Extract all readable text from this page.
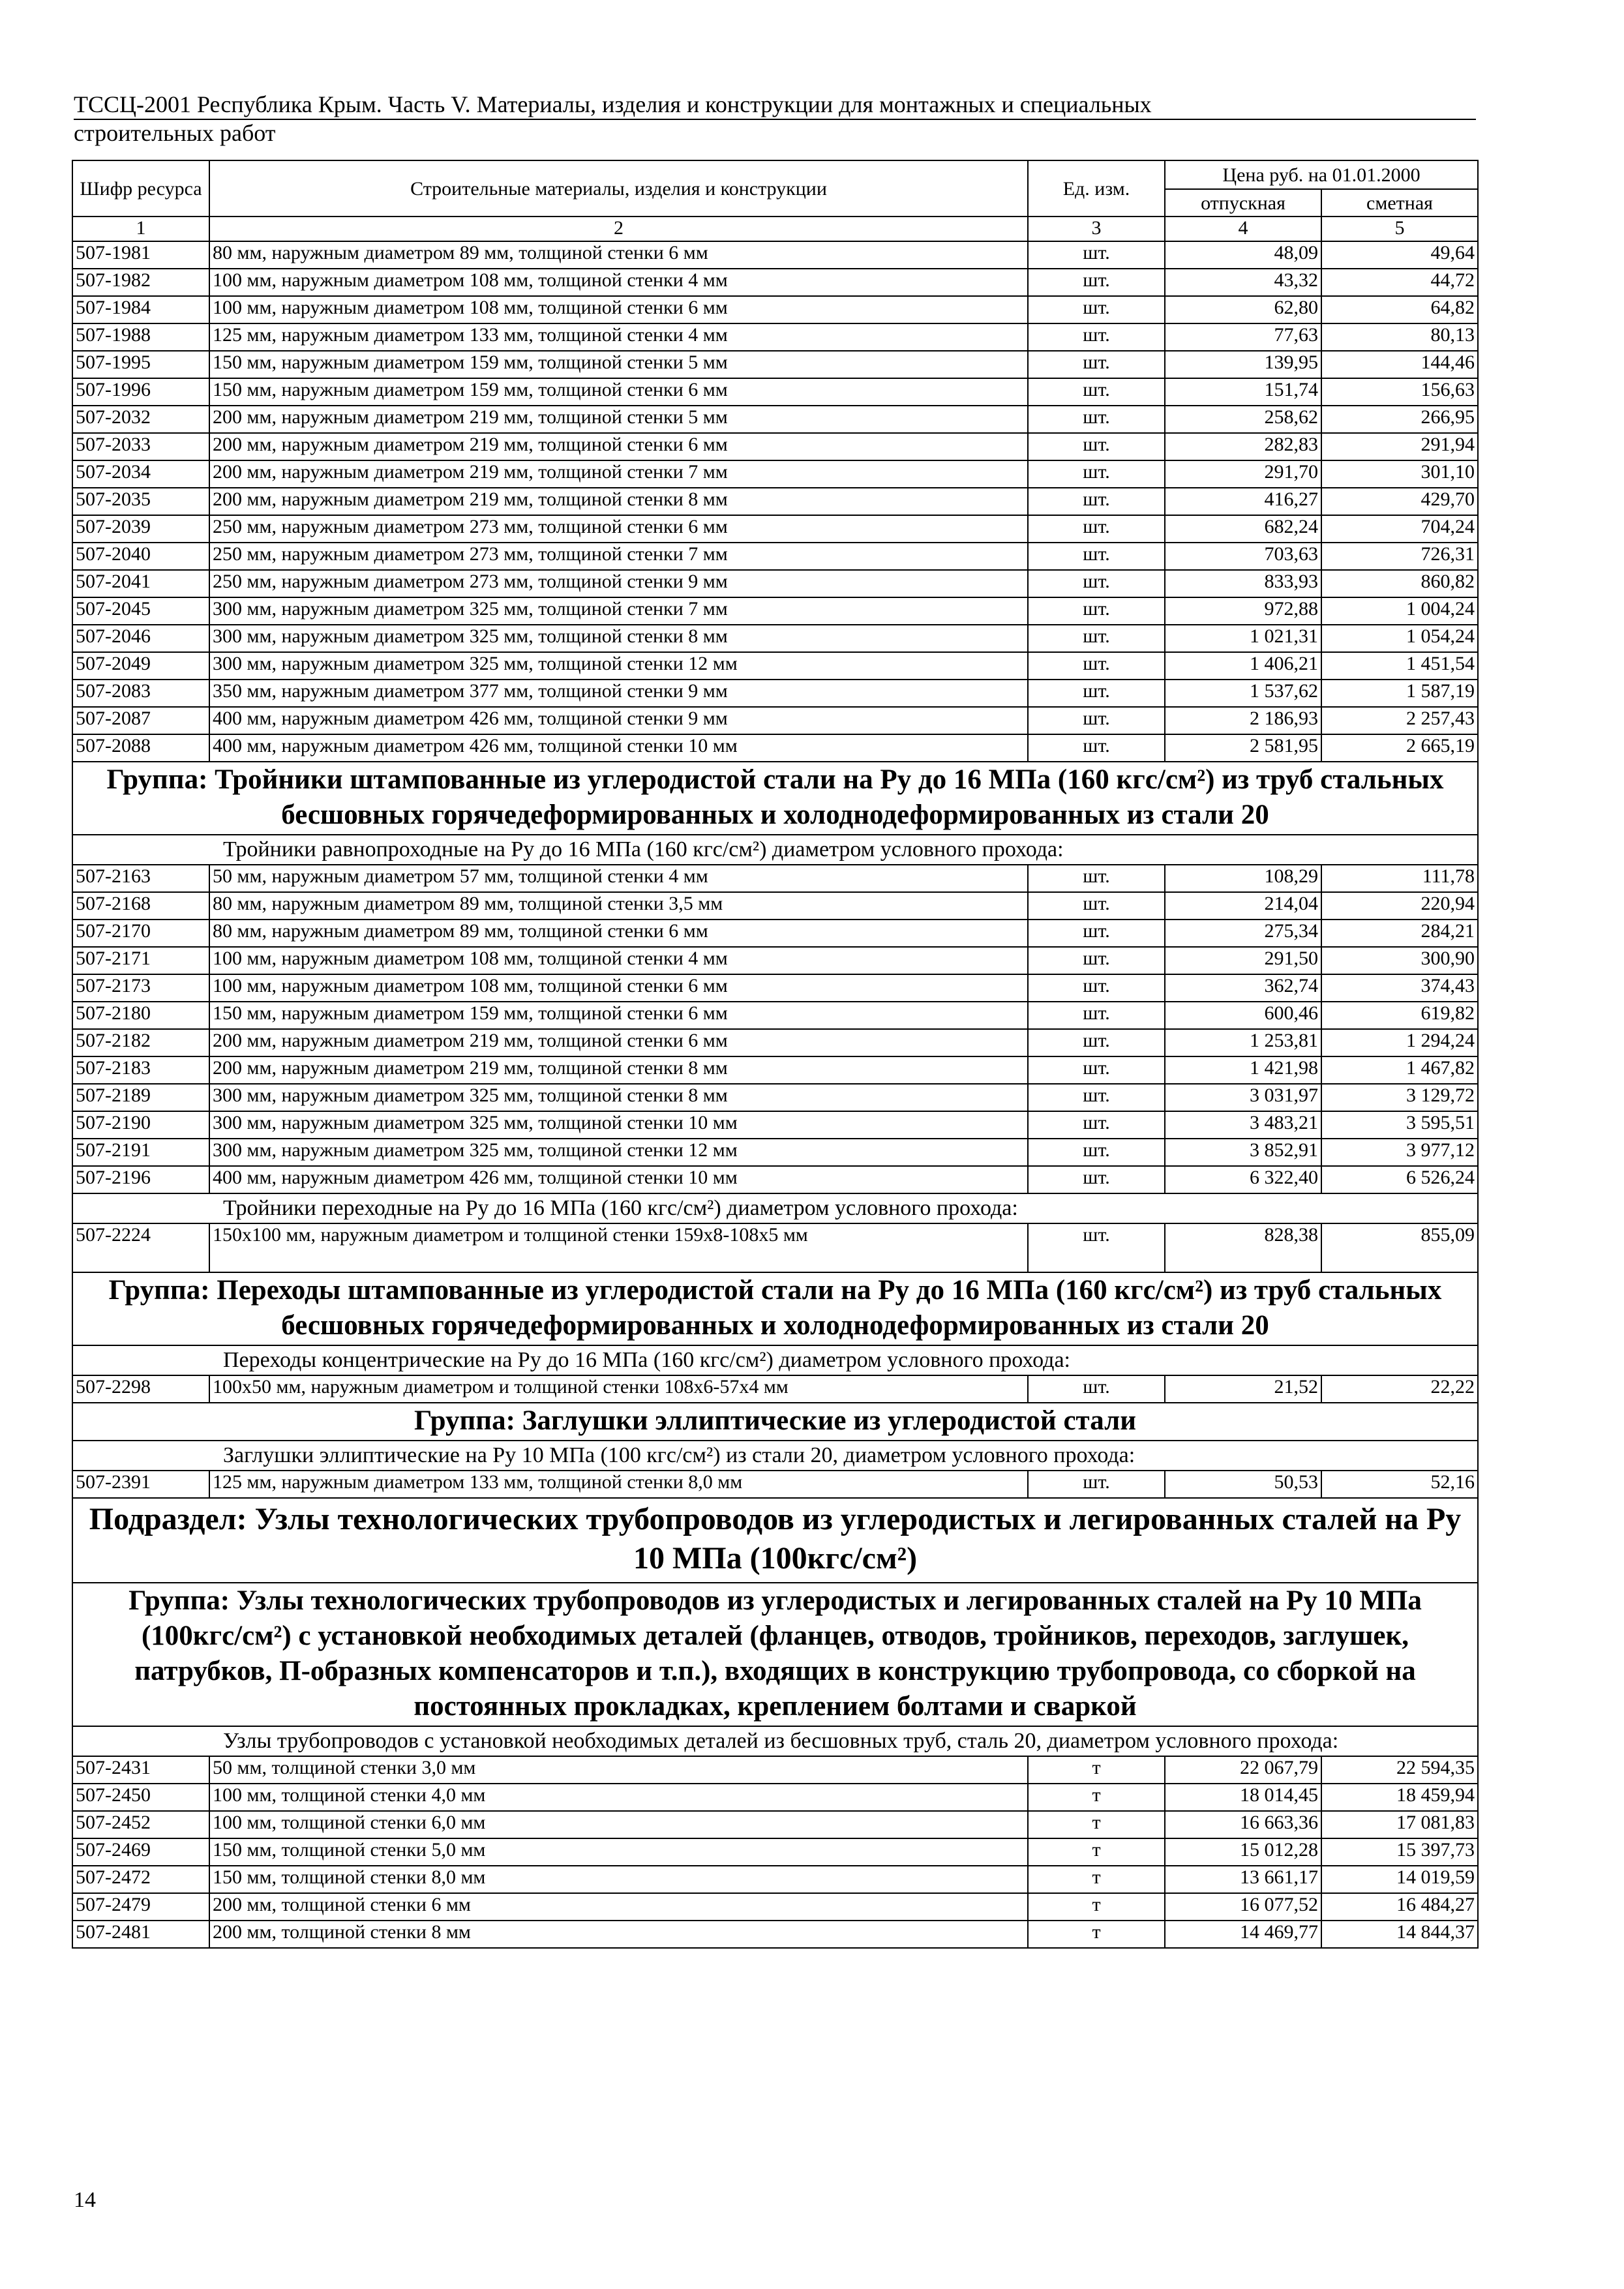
ТССЦ-2001 Республика Крым. Часть V. Материалы, изделия и конструкции для монтажных и специальных
строительных работ
Шифр ресурса	Строительные материалы, изделия и конструкции	Ед. изм.	Цена руб. на 01.01.2000	
			отпускная	сметная
1	2	3	4	5
507-1981	80 мм, наружным диаметром 89 мм, толщиной стенки 6 мм	шт.	48,09	49,64
507-1982	100 мм, наружным диаметром 108 мм, толщиной стенки 4 мм	шт.	43,32	44,72
507-1984	100 мм, наружным диаметром 108 мм, толщиной стенки 6 мм	шт.	62,80	64,82
507-1988	125 мм, наружным диаметром 133 мм, толщиной стенки 4 мм	шт.	77,63	80,13
507-1995	150 мм, наружным диаметром 159 мм, толщиной стенки 5 мм	шт.	139,95	144,46
507-1996	150 мм, наружным диаметром 159 мм, толщиной стенки 6 мм	шт.	151,74	156,63
507-2032	200 мм, наружным диаметром 219 мм, толщиной стенки 5 мм	шт.	258,62	266,95
507-2033	200 мм, наружным диаметром 219 мм, толщиной стенки 6 мм	шт.	282,83	291,94
507-2034	200 мм, наружным диаметром 219 мм, толщиной стенки 7 мм	шт.	291,70	301,10
507-2035	200 мм, наружным диаметром 219 мм, толщиной стенки 8 мм	шт.	416,27	429,70
507-2039	250 мм, наружным диаметром 273 мм, толщиной стенки 6 мм	шт.	682,24	704,24
507-2040	250 мм, наружным диаметром 273 мм, толщиной стенки 7 мм	шт.	703,63	726,31
507-2041	250 мм, наружным диаметром 273 мм, толщиной стенки 9 мм	шт.	833,93	860,82
507-2045	300 мм, наружным диаметром 325 мм, толщиной стенки 7 мм	шт.	972,88	1 004,24
507-2046	300 мм, наружным диаметром 325 мм, толщиной стенки 8 мм	шт.	1 021,31	1 054,24
507-2049	300 мм, наружным диаметром 325 мм, толщиной стенки 12 мм	шт.	1 406,21	1 451,54
507-2083	350 мм, наружным диаметром 377 мм, толщиной стенки 9 мм	шт.	1 537,62	1 587,19
507-2087	400 мм, наружным диаметром 426 мм, толщиной стенки 9 мм	шт.	2 186,93	2 257,43
507-2088	400 мм, наружным диаметром 426 мм, толщиной стенки 10 мм	шт.	2 581,95	2 665,19
Группа: Тройники штампованные из углеродистой стали на Ру до 16 МПа (160 кгс/см²) из труб стальных бесшовных горячедеформированных и холоднодеформированных из стали 20				
Тройники равнопроходные на Ру до 16 МПа (160 кгс/см²) диаметром условного прохода:				
507-2163	50 мм, наружным диаметром 57 мм, толщиной стенки 4 мм	шт.	108,29	111,78
507-2168	80 мм, наружным диаметром 89 мм, толщиной стенки 3,5 мм	шт.	214,04	220,94
507-2170	80 мм, наружным диаметром 89 мм, толщиной стенки 6 мм	шт.	275,34	284,21
507-2171	100 мм, наружным диаметром 108 мм, толщиной стенки 4 мм	шт.	291,50	300,90
507-2173	100 мм, наружным диаметром 108 мм, толщиной стенки 6 мм	шт.	362,74	374,43
507-2180	150 мм, наружным диаметром 159 мм, толщиной стенки 6 мм	шт.	600,46	619,82
507-2182	200 мм, наружным диаметром 219 мм, толщиной стенки 6 мм	шт.	1 253,81	1 294,24
507-2183	200 мм, наружным диаметром 219 мм, толщиной стенки 8 мм	шт.	1 421,98	1 467,82
507-2189	300 мм, наружным диаметром 325 мм, толщиной стенки 8 мм	шт.	3 031,97	3 129,72
507-2190	300 мм, наружным диаметром 325 мм, толщиной стенки 10 мм	шт.	3 483,21	3 595,51
507-2191	300 мм, наружным диаметром 325 мм, толщиной стенки 12 мм	шт.	3 852,91	3 977,12
507-2196	400 мм, наружным диаметром 426 мм, толщиной стенки 10 мм	шт.	6 322,40	6 526,24
Тройники переходные на Ру до 16 МПа (160 кгс/см²) диаметром условного прохода:				
507-2224	150x100 мм, наружным диаметром и толщиной стенки 159x8-108x5 мм	шт.	828,38	855,09
Группа: Переходы штампованные из углеродистой стали на Ру до 16 МПа (160 кгс/см²) из труб стальных бесшовных горячедеформированных и холоднодеформированных из стали 20				
Переходы концентрические на Ру до 16 МПа (160 кгс/см²) диаметром условного прохода:				
507-2298	100x50 мм, наружным диаметром и толщиной стенки 108x6-57x4 мм	шт.	21,52	22,22
Группа: Заглушки эллиптические из углеродистой стали				
Заглушки эллиптические на Ру 10 МПа (100 кгс/см²) из стали 20, диаметром условного прохода:				
507-2391	125 мм, наружным диаметром 133 мм, толщиной стенки 8,0 мм	шт.	50,53	52,16
Подраздел: Узлы технологических трубопроводов из углеродистых и легированных сталей на Ру 10 МПа (100кгс/см²)				
Группа: Узлы технологических трубопроводов из углеродистых и легированных сталей на Ру 10 МПа (100кгс/см²) с установкой необходимых деталей (фланцев, отводов, тройников, переходов, заглушек, патрубков, П-образных компенсаторов и т.п.), входящих в конструкцию трубопровода, со сборкой на постоянных прокладках, креплением болтами и сваркой				
Узлы трубопроводов с установкой необходимых деталей из бесшовных труб, сталь 20, диаметром условного прохода:				
507-2431	50 мм, толщиной стенки 3,0 мм	т	22 067,79	22 594,35
507-2450	100 мм, толщиной стенки 4,0 мм	т	18 014,45	18 459,94
507-2452	100 мм, толщиной стенки 6,0 мм	т	16 663,36	17 081,83
507-2469	150 мм, толщиной стенки 5,0 мм	т	15 012,28	15 397,73
507-2472	150 мм, толщиной стенки 8,0 мм	т	13 661,17	14 019,59
507-2479	200 мм, толщиной стенки 6 мм	т	16 077,52	16 484,27
507-2481	200 мм, толщиной стенки 8 мм	т	14 469,77	14 844,37
14
